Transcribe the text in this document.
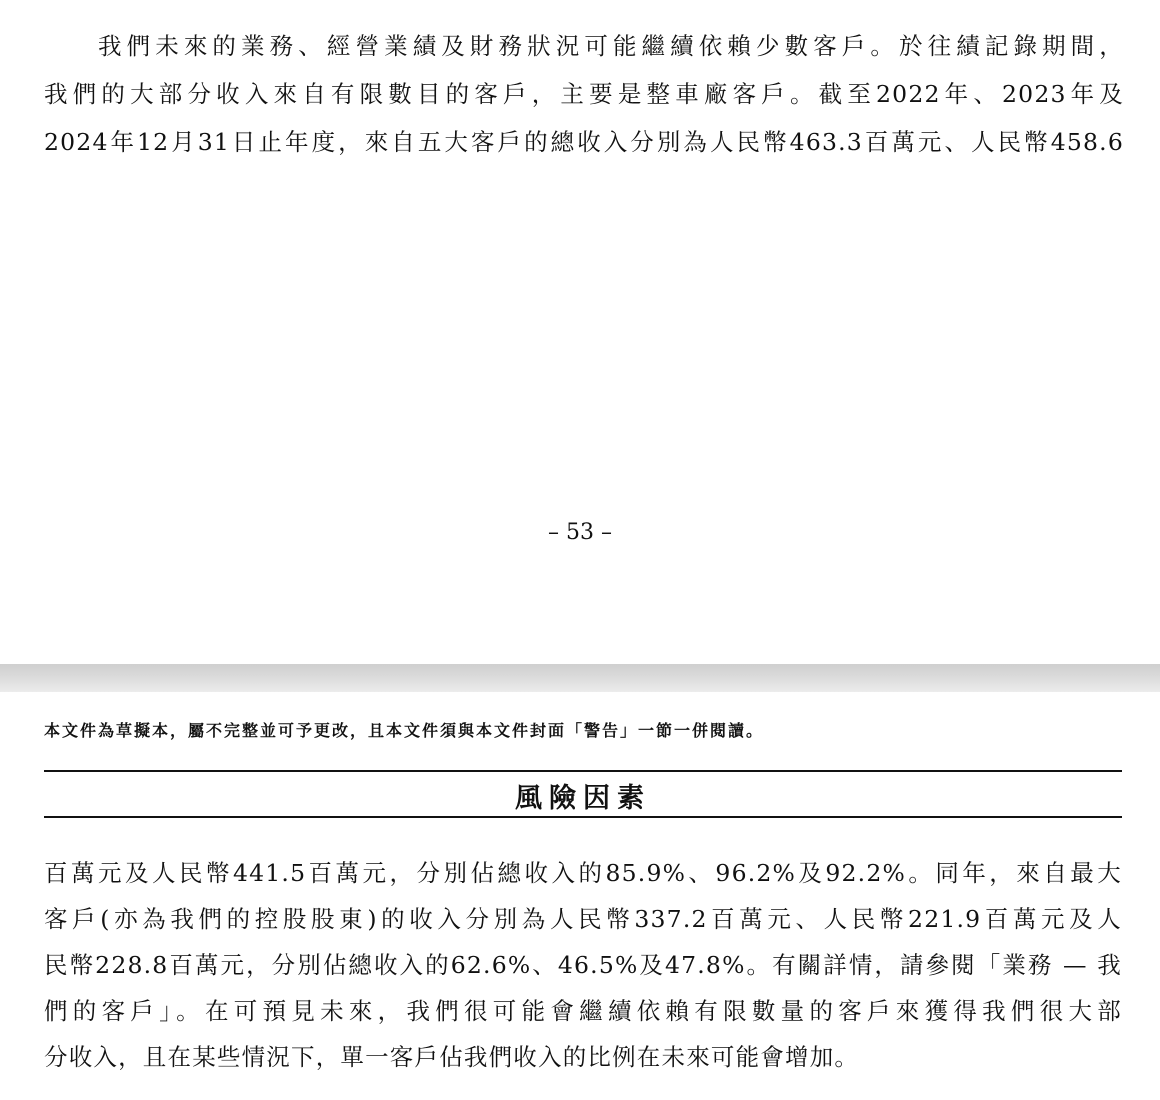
我們未來的業務、經營業績及財務狀況可能繼續依賴少數客戶。於往績記錄期間，
我們的大部分收入來自有限數目的客戶，主要是整車廠客戶。截至2022年、2023年及
2024年12月31日止年度，來自五大客戶的總收入分別為人民幣463.3百萬元、人民幣458.6
– 53 –
本文件為草擬本，屬不完整並可予更改，且本文件須與本文件封面「警告」一節一併閱讀。
風險因素
百萬元及人民幣441.5百萬元，分別佔總收入的85.9%、96.2%及92.2%。同年，來自最大
客戶(亦為我們的控股股東)的收入分別為人民幣337.2百萬元、人民幣221.9百萬元及人
民幣228.8百萬元，分別佔總收入的62.6%、46.5%及47.8%。有關詳情，請參閱「業務 — 我
們的客戶」。在可預見未來，我們很可能會繼續依賴有限數量的客戶來獲得我們很大部
分收入，且在某些情況下，單一客戶佔我們收入的比例在未來可能會增加。
